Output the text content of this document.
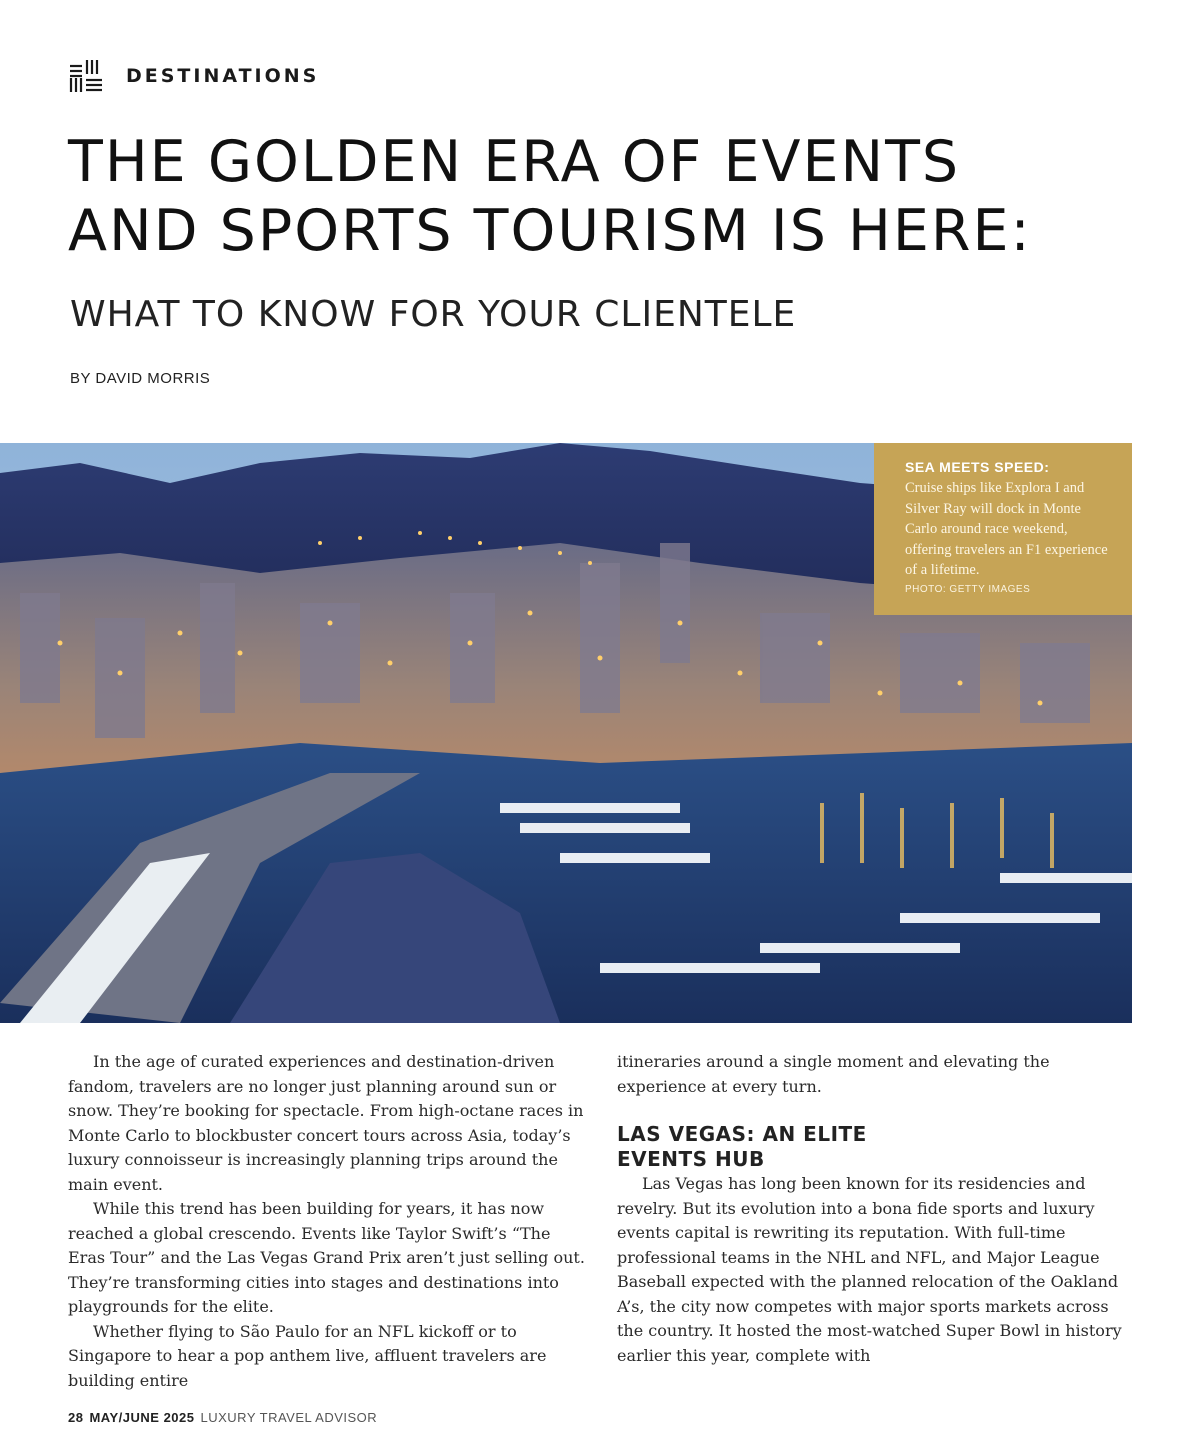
DESTINATIONS
THE GOLDEN ERA OF EVENTS
AND SPORTS TOURISM IS HERE:
WHAT TO KNOW FOR YOUR CLIENTELE
BY DAVID MORRIS
SEA MEETS SPEED:
Cruise ships like Explora I and Silver Ray will dock in Monte Carlo around race weekend, offering travelers an F1 experience of a lifetime.
PHOTO: GETTY IMAGES

In the age of curated experiences and destination-driven fandom, travelers are no longer just planning around sun or snow. They’re booking for spectacle. From high-octane races in Monte Carlo to blockbuster concert tours across Asia, today’s luxury connoisseur is increasingly planning trips around the main event.

While this trend has been building for years, it has now reached a global crescendo. Events like Taylor Swift’s “The Eras Tour” and the Las Vegas Grand Prix aren’t just selling out. They’re transforming cities into stages and destinations into playgrounds for the elite.

Whether flying to São Paulo for an NFL kickoff or to Singapore to hear a pop anthem live, affluent travelers are building entire

itineraries around a single moment and elevating the experience at every turn.

LAS VEGAS: AN ELITE
EVENTS HUB

Las Vegas has long been known for its residencies and revelry. But its evolution into a bona fide sports and luxury events capital is rewriting its reputation. With full-time professional teams in the NHL and NFL, and Major League Baseball expected with the planned relocation of the Oakland A’s, the city now competes with major sports markets across the country. It hosted the most-watched Super Bowl in history earlier this year, complete with

28 MAY/JUNE 2025 LUXURY TRAVEL ADVISOR
